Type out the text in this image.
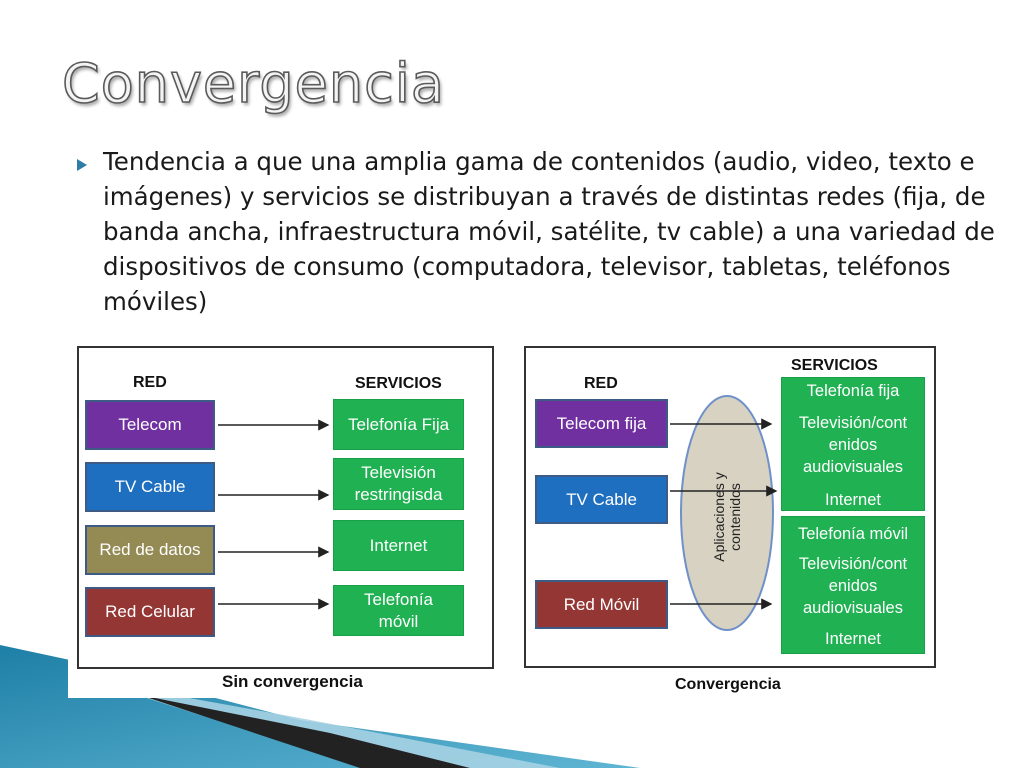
Convergencia

Tendencia a que una amplia gama de contenidos (audio, video, texto e imágenes) y servicios se distribuyan a través de distintas redes (fija, de banda ancha, infraestructura móvil, satélite, tv cable) a una variedad de dispositivos de consumo (computadora, televisor, tabletas, teléfonos móviles)

RED	SERVICIOS
Telecom
TV Cable
Red de datos
Red Celular
Telefonía Fija
Televisión restringisda
Internet
Telefonía móvil
Sin convergencia
RED
SERVICIOS
Telecom fija
TV Cable
Red Móvil
Aplicaciones y contenidos
Telefonía fija
Televisión/cont enidos audiovisuales
Internet
Telefonía móvil
Televisión/cont enidos audiovisuales
Internet
Convergencia
